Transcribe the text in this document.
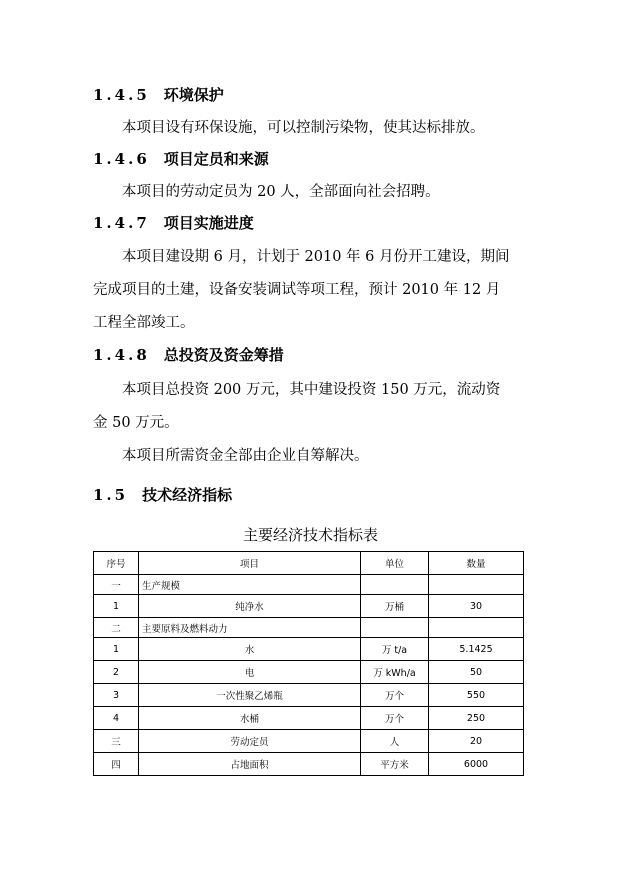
1.4.5 环境保护
本项目设有环保设施，可以控制污染物，使其达标排放。
1.4.6 项目定员和来源
本项目的劳动定员为 20 人，全部面向社会招聘。
1.4.7 项目实施进度
本项目建设期 6 月，计划于 2010 年 6 月份开工建设，期间
完成项目的土建，设备安装调试等项工程，预计 2010 年 12 月
工程全部竣工。
1.4.8 总投资及资金筹措
本项目总投资 200 万元，其中建设投资 150 万元，流动资
金 50 万元。
本项目所需资金全部由企业自筹解决。
1.5 技术经济指标
主要经济技术指标表
序号	项目	单位	数量
一	生产规模		
1	纯净水	万桶	30
二	主要原料及燃料动力		
1	水	万 t/a	5.1425
2	电	万 kWh/a	50
3	一次性聚乙烯瓶	万个	550
4	水桶	万个	250
三	劳动定员	人	20
四	占地面积	平方米	6000
